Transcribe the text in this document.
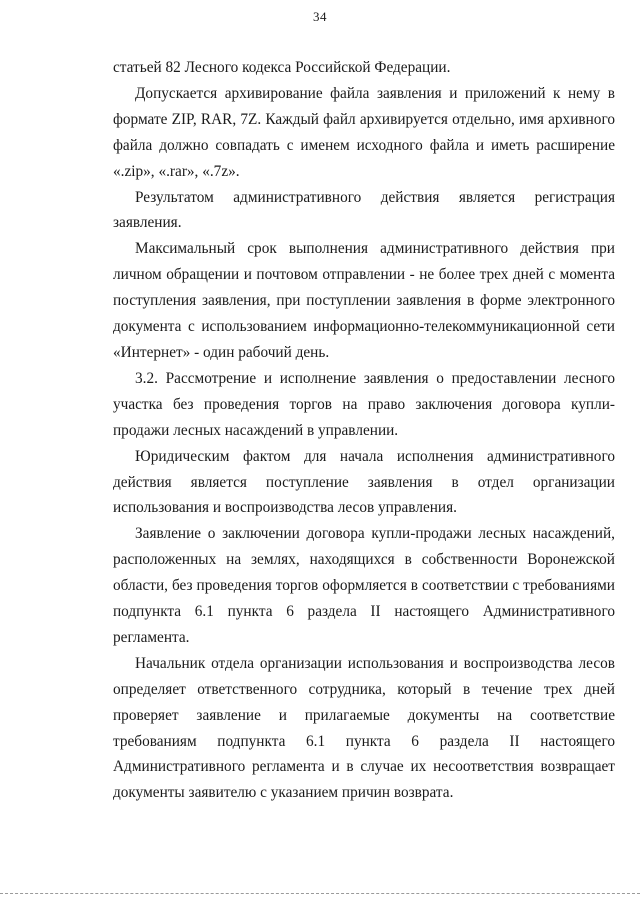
34

статьей 82 Лесного кодекса Российской Федерации.

Допускается архивирование файла заявления и приложений к нему в формате ZIP, RAR, 7Z. Каждый файл архивируется отдельно, имя архивного файла должно совпадать с именем исходного файла и иметь расширение «.zip», «.rar», «.7z».

Результатом административного действия является регистрация заявления.

Максимальный срок выполнения административного действия при личном обращении и почтовом отправлении - не более трех дней с момента поступления заявления, при поступлении заявления в форме электронного документа с использованием информационно-телекоммуникационной сети «Интернет» - один рабочий день.

3.2. Рассмотрение и исполнение заявления о предоставлении лесного участка без проведения торгов на право заключения договора купли-продажи лесных насаждений в управлении.

Юридическим фактом для начала исполнения административного действия является поступление заявления в отдел организации использования и воспроизводства лесов управления.

Заявление о заключении договора купли-продажи лесных насаждений, расположенных на землях, находящихся в собственности Воронежской области, без проведения торгов оформляется в соответствии с требованиями подпункта 6.1 пункта 6 раздела II настоящего Административного регламента.

Начальник отдела организации использования и воспроизводства лесов определяет ответственного сотрудника, который в течение трех дней проверяет заявление и прилагаемые документы на соответствие требованиям подпункта 6.1 пункта 6 раздела II настоящего Административного регламента и в случае их несоответствия возвращает документы заявителю с указанием причин возврата.
